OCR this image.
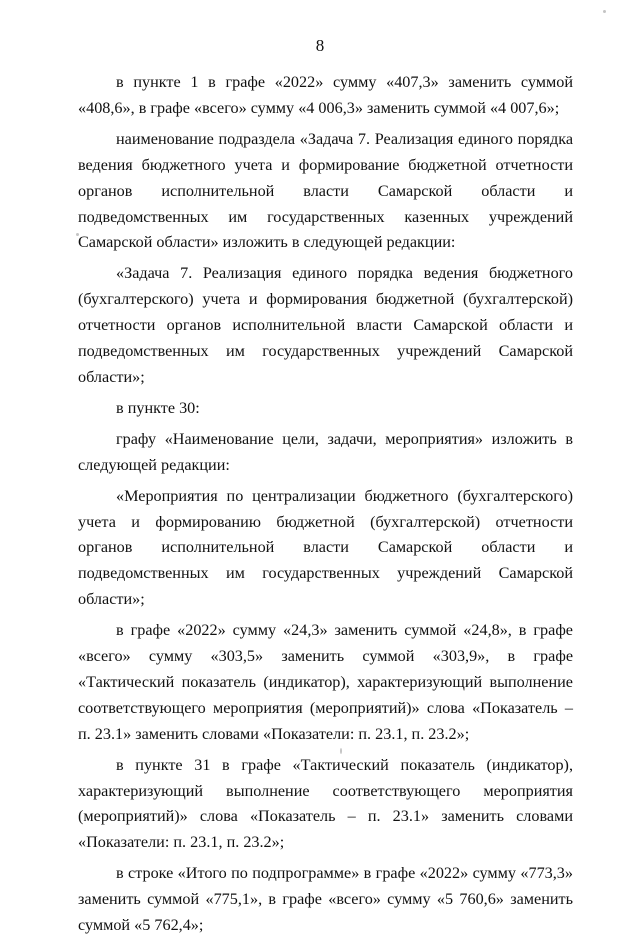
8

в пункте 1 в графе «2022» сумму «407,3» заменить суммой «408,6», в графе «всего» сумму «4 006,3» заменить суммой «4 007,6»;

наименование подраздела «Задача 7. Реализация единого порядка ведения бюджетного учета и формирование бюджетной отчетности органов исполнительной власти Самарской области и подведомственных им государственных казенных учреждений Самарской области» изложить в следующей редакции:

«Задача 7. Реализация единого порядка ведения бюджетного (бухгалтерского) учета и формирования бюджетной (бухгалтерской) отчетности органов исполнительной власти Самарской области и подведомственных им государственных учреждений Самарской области»;

в пункте 30:

графу «Наименование цели, задачи, мероприятия» изложить в следующей редакции:

«Мероприятия по централизации бюджетного (бухгалтерского) учета и формированию бюджетной (бухгалтерской) отчетности органов исполнительной власти Самарской области и подведомственных им государственных учреждений Самарской области»;

в графе «2022» сумму «24,3» заменить суммой «24,8», в графе «всего» сумму «303,5» заменить суммой «303,9», в графе «Тактический показатель (индикатор), характеризующий выполнение соответствующего мероприятия (мероприятий)» слова «Показатель – п. 23.1» заменить словами «Показатели: п. 23.1, п. 23.2»;

в пункте 31 в графе «Тактический показатель (индикатор), характеризующий выполнение соответствующего мероприятия (мероприятий)» слова «Показатель – п. 23.1» заменить словами «Показатели: п. 23.1, п. 23.2»;

в строке «Итого по подпрограмме» в графе «2022» сумму «773,3» заменить суммой «775,1», в графе «всего» сумму «5 760,6» заменить суммой «5 762,4»;
